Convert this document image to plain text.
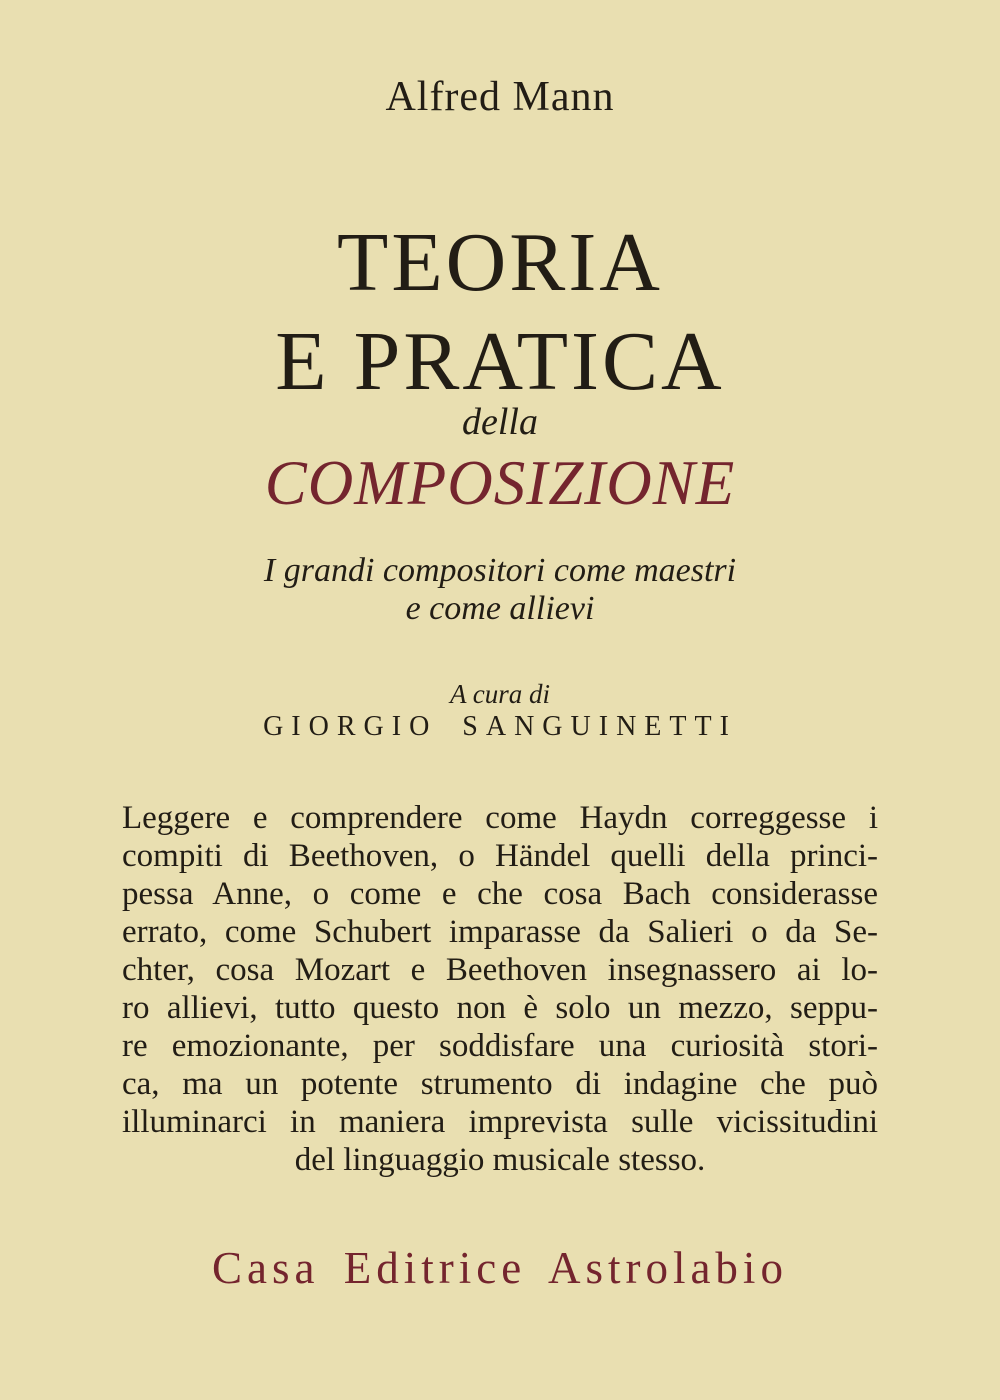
Alfred Mann
TEORIA
E PRATICA
della
COMPOSIZIONE
I grandi compositori come maestri
e come allievi
A cura di
GIORGIO SANGUINETTI
Leggere e comprendere come Haydn correggesse i
compiti di Beethoven, o Händel quelli della princi-
pessa Anne, o come e che cosa Bach considerasse
errato, come Schubert imparasse da Salieri o da Se-
chter, cosa Mozart e Beethoven insegnassero ai lo-
ro allievi, tutto questo non è solo un mezzo, seppu-
re emozionante, per soddisfare una curiosità stori-
ca, ma un potente strumento di indagine che può
illuminarci in maniera imprevista sulle vicissitudini
del linguaggio musicale stesso.
Casa Editrice Astrolabio
